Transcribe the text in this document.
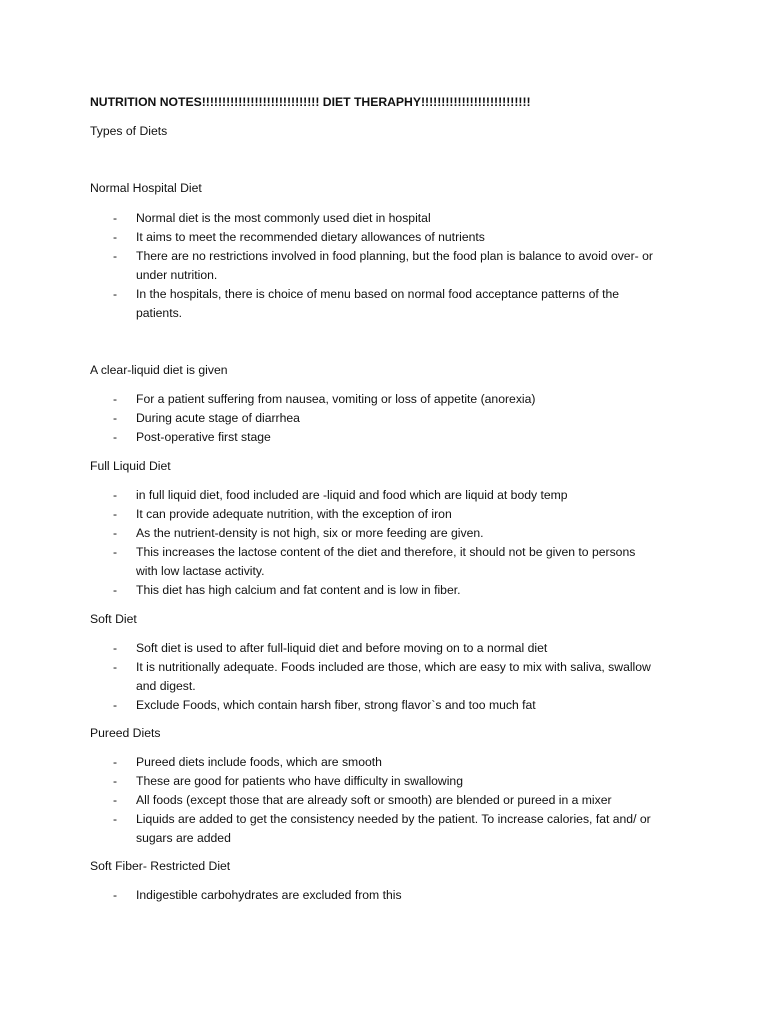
NUTRITION NOTES!!!!!!!!!!!!!!!!!!!!!!!!!!!!! DIET THERAPHY!!!!!!!!!!!!!!!!!!!!!!!!!!!
Types of Diets
Normal Hospital Diet
-	Normal diet is the most commonly used diet in hospital
-	It aims to meet the recommended dietary allowances of nutrients
-	There are no restrictions involved in food planning, but the food plan is balance to avoid over- or
under nutrition.
-	In the hospitals, there is choice of menu based on normal food acceptance patterns of the
patients.
A clear-liquid diet is given
-	For a patient suffering from nausea, vomiting or loss of appetite (anorexia)
-	During acute stage of diarrhea
-	Post-operative first stage
Full Liquid Diet
-	in full liquid diet, food included are -liquid and food which are liquid at body temp
-	It can provide adequate nutrition, with the exception of iron
-	As the nutrient-density is not high, six or more feeding are given.
-	This increases the lactose content of the diet and therefore, it should not be given to persons
with low lactase activity.
-	This diet has high calcium and fat content and is low in fiber.
Soft Diet
-	Soft diet is used to after full-liquid diet and before moving on to a normal diet
-	It is nutritionally adequate. Foods included are those, which are easy to mix with saliva, swallow
and digest.
-	Exclude Foods, which contain harsh fiber, strong flavor`s and too much fat
Pureed Diets
-	Pureed diets include foods, which are smooth
-	These are good for patients who have difficulty in swallowing
-	All foods (except those that are already soft or smooth) are blended or pureed in a mixer
-	Liquids are added to get the consistency needed by the patient. To increase calories, fat and/ or
sugars are added
Soft Fiber- Restricted Diet
-	Indigestible carbohydrates are excluded from this
